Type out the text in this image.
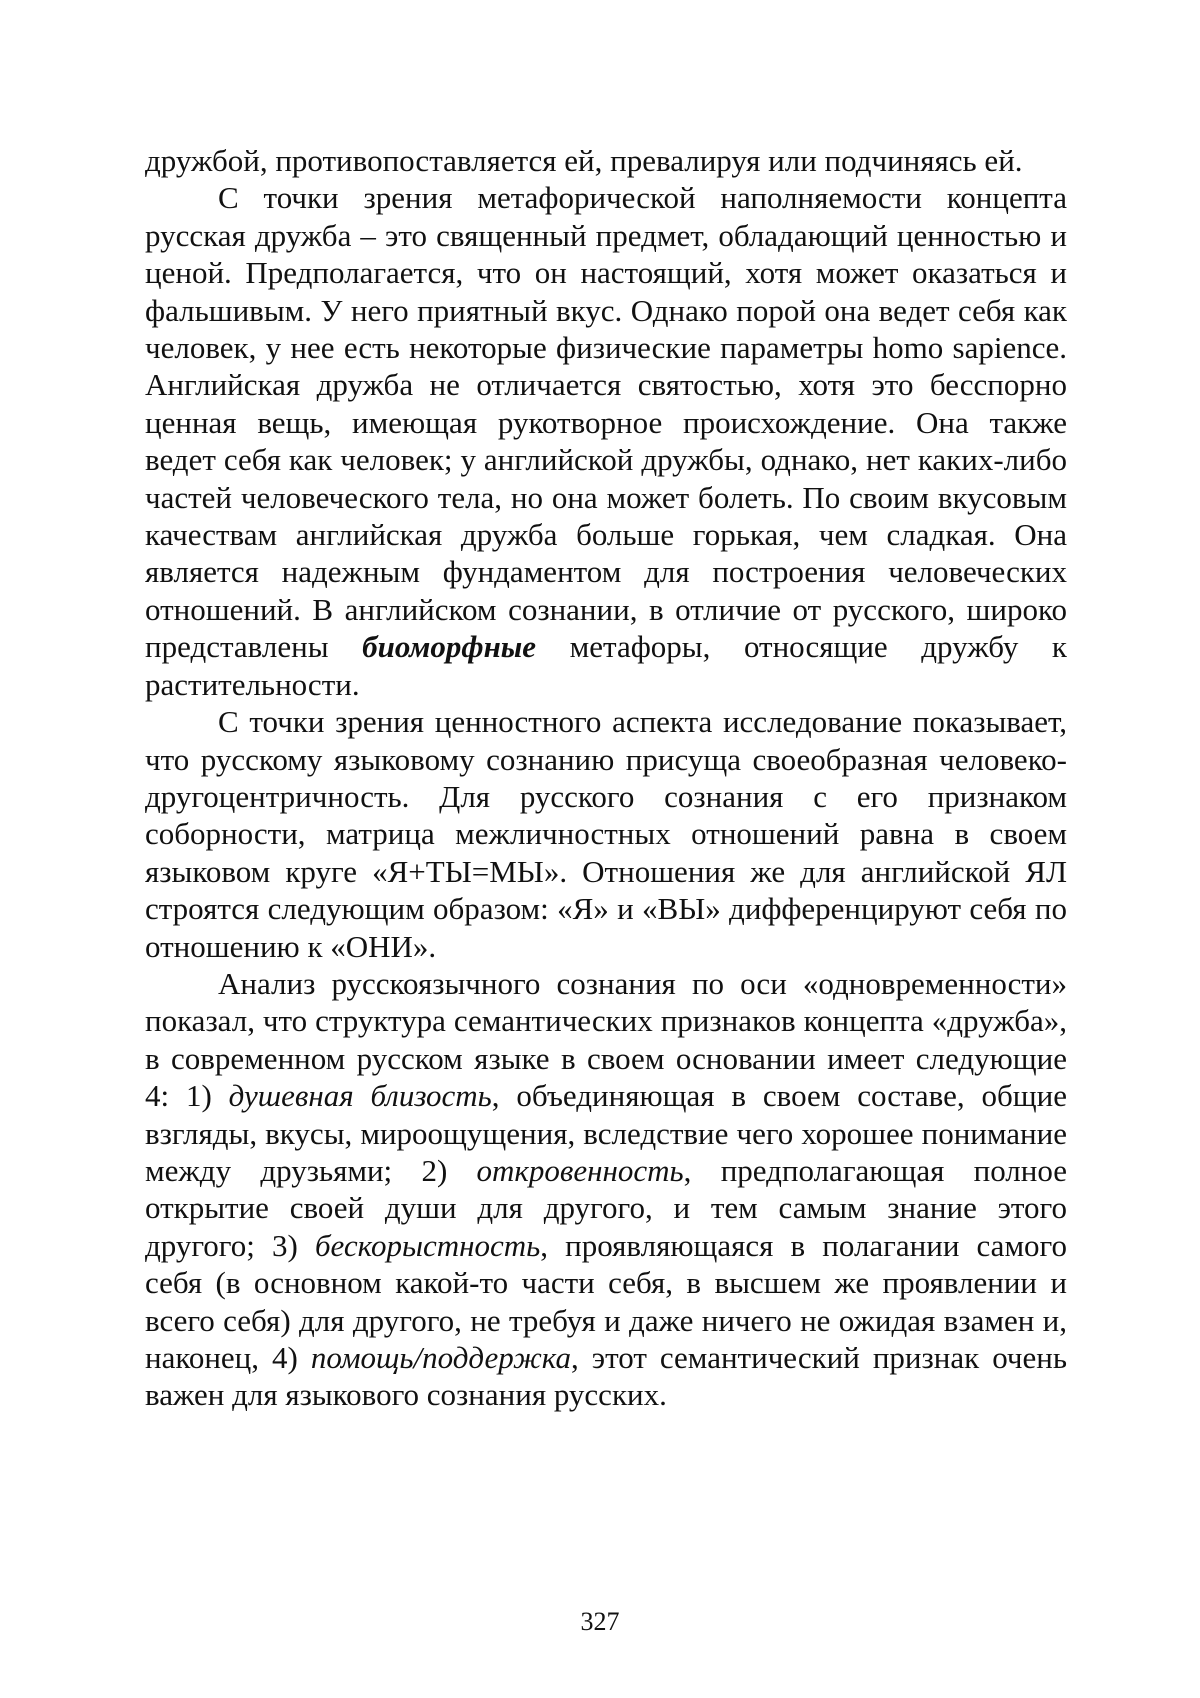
дружбой, противопоставляется ей, превалируя или подчиняясь ей.

С точки зрения метафорической наполняемости концепта русская дружба – это священный предмет, обладающий ценностью и ценой. Предполагается, что он настоящий, хотя может оказаться и фальшивым. У него приятный вкус. Однако порой она ведет себя как человек, у нее есть некоторые физические параметры homo sapience. Английская дружба не отличается святостью, хотя это бесспорно ценная вещь, имеющая рукотворное происхождение. Она также ведет себя как человек; у английской дружбы, однако, нет каких-либо частей человеческого тела, но она может болеть. По своим вкусовым качествам английская дружба больше горькая, чем сладкая. Она является надежным фундаментом для построения человеческих отношений. В английском сознании, в отличие от русского, широко представлены биоморфные метафоры, относящие дружбу к растительности.

С точки зрения ценностного аспекта исследование показывает, что русскому языковому сознанию присуща своеобразная человеко-другоцентричность. Для русского сознания с его признаком соборности, матрица межличностных отношений равна в своем языковом круге «Я+ТЫ=МЫ». Отношения же для английской ЯЛ строятся следующим образом: «Я» и «ВЫ» дифференцируют себя по отношению к «ОНИ».

Анализ русскоязычного сознания по оси «одновременности» показал, что структура семантических признаков концепта «дружба», в современном русском языке в своем основании имеет следующие 4: 1) душевная близость, объединяющая в своем составе, общие взгляды, вкусы, мироощущения, вследствие чего хорошее понимание между друзьями; 2) откровенность, предполагающая полное открытие своей души для другого, и тем самым знание этого другого; 3) бескорыстность, проявляющаяся в полагании самого себя (в основном какой-то части себя, в высшем же проявлении и всего себя) для другого, не требуя и даже ничего не ожидая взамен и, наконец, 4) помощь/поддержка, этот семантический признак очень важен для языкового сознания русских.

327
